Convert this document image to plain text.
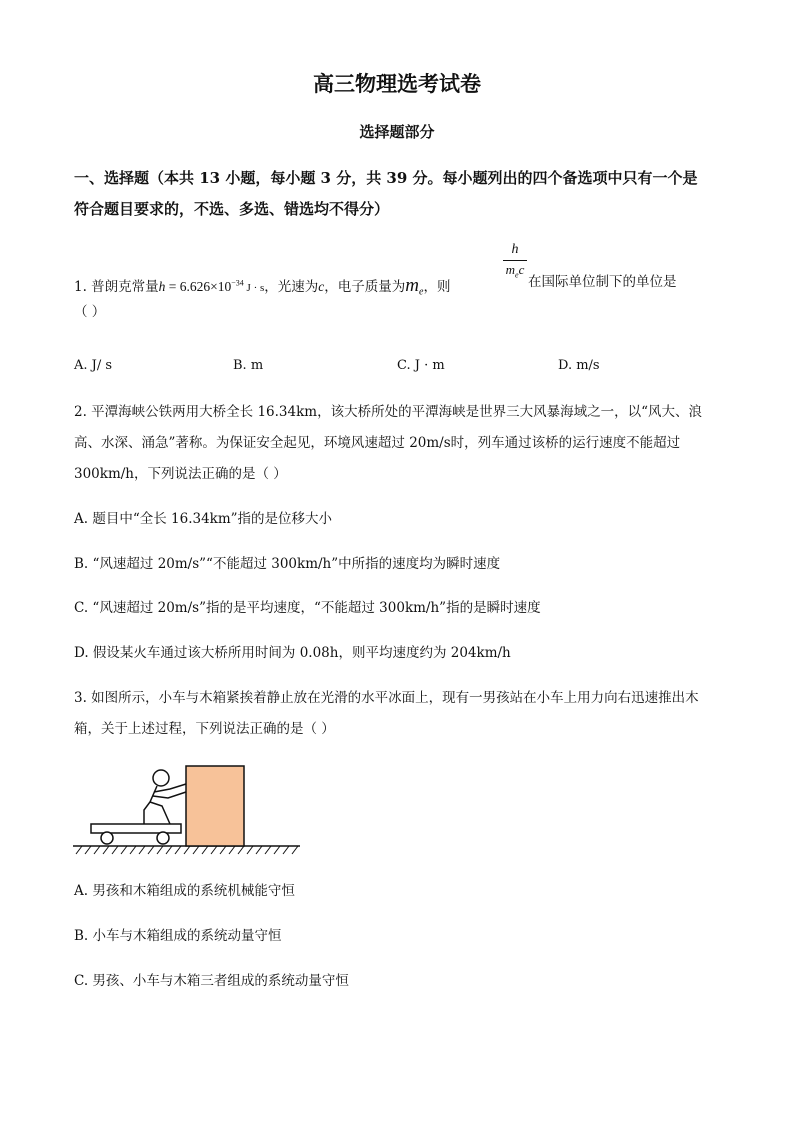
高三物理选考试卷
选择题部分
一、选择题（本共 13 小题，每小题 3 分，共 39 分。每小题列出的四个备选项中只有一个是
符合题目要求的，不选、多选、错选均不得分）
1. 普朗克常量$h = 6.626\times 10^{-34}$ J · s，光速为c，电子质量为$m_e$，则
h
$m_ec$
在国际单位制下的单位是
（ ）
A. J/ s	B. m	C. J · m	D. m/s
2. 平潭海峡公铁两用大桥全长 16.34km，该大桥所处的平潭海峡是世界三大风暴海域之一，以“风大、浪
高、水深、涌急”著称。为保证安全起见，环境风速超过 20m/s时，列车通过该桥的运行速度不能超过
300km/h，下列说法正确的是（ ）
A. 题目中“全长 16.34km”指的是位移大小
B. “风速超过 20m/s”“不能超过 300km/h”中所指的速度均为瞬时速度
C. “风速超过 20m/s”指的是平均速度，“不能超过 300km/h”指的是瞬时速度
D. 假设某火车通过该大桥所用时间为 0.08h，则平均速度约为 204km/h
3. 如图所示，小车与木箱紧挨着静止放在光滑的水平冰面上，现有一男孩站在小车上用力向右迅速推出木
箱，关于上述过程，下列说法正确的是（ ）
A. 男孩和木箱组成的系统机械能守恒
B. 小车与木箱组成的系统动量守恒
C. 男孩、小车与木箱三者组成的系统动量守恒
